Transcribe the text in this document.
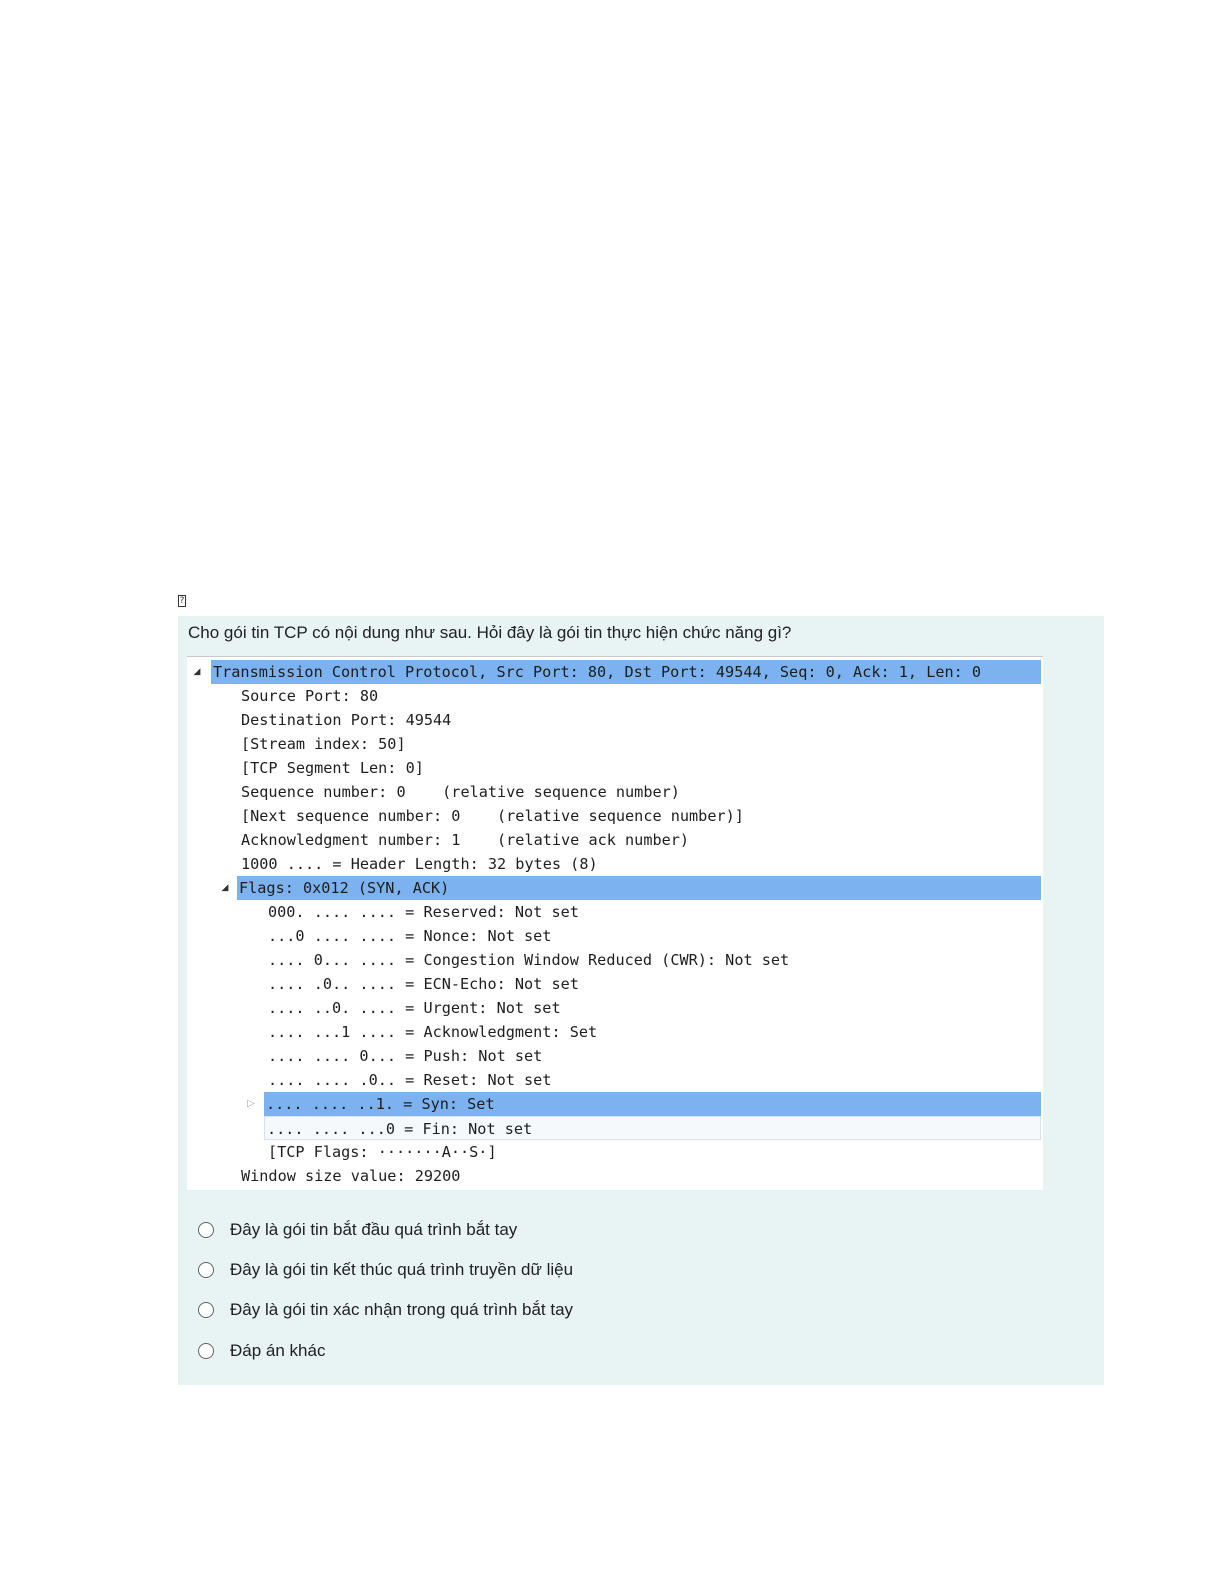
?
Cho gói tin TCP có nội dung như sau. Hỏi đây là gói tin thực hiện chức năng gì?

◢

Transmission Control Protocol, Src Port: 80, Dst Port: 49544, Seq: 0, Ack: 1, Len: 0

Source Port: 80

Destination Port: 49544

[Stream index: 50]

[TCP Segment Len: 0]

Sequence number: 0    (relative sequence number)

[Next sequence number: 0    (relative sequence number)]

Acknowledgment number: 1    (relative ack number)

1000 .... = Header Length: 32 bytes (8)

◢

Flags: 0x012 (SYN, ACK)

000. .... .... = Reserved: Not set

...0 .... .... = Nonce: Not set

.... 0... .... = Congestion Window Reduced (CWR): Not set

.... .0.. .... = ECN-Echo: Not set

.... ..0. .... = Urgent: Not set

.... ...1 .... = Acknowledgment: Set

.... .... 0... = Push: Not set

.... .... .0.. = Reset: Not set

▷

.... .... ..1. = Syn: Set

.... .... ...0 = Fin: Not set

[TCP Flags: ·······A··S·]

Window size value: 29200

Đây là gói tin bắt đầu quá trình bắt tay
Đây là gói tin kết thúc quá trình truyền dữ liệu
Đây là gói tin xác nhận trong quá trình bắt tay
Đáp án khác
